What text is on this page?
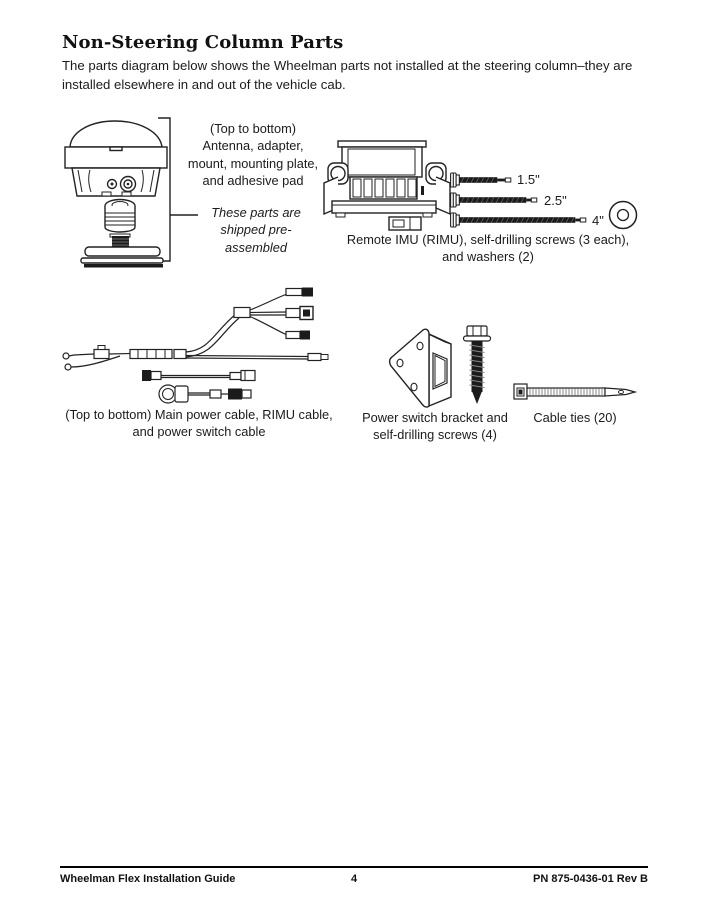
Non-Steering Column Parts
The parts diagram below shows the Wheelman parts not installed at the steering column–they are installed elsewhere in and out of the vehicle cab.
(Top to bottom) Antenna, adapter, mount, mounting plate, and adhesive pad
These parts are shipped pre-assembled
1.5"
2.5"
4"
Remote IMU (RIMU), self-drilling screws (3 each), and washers (2)
(Top to bottom) Main power cable, RIMU cable, and power switch cable
Power switch bracket and self-drilling screws (4)
Cable ties (20)
Wheelman Flex Installation Guide	4	PN 875-0436-01 Rev B
